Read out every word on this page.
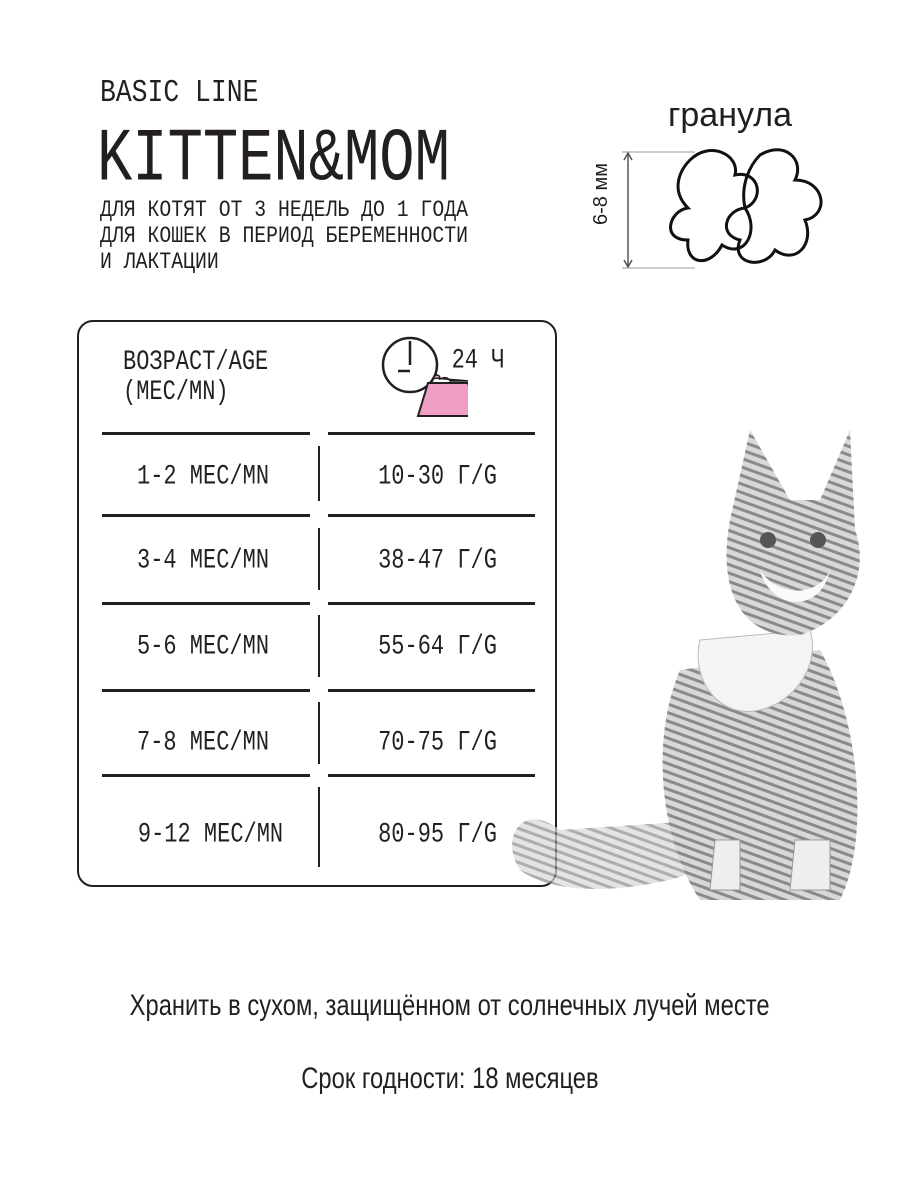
BASIC LINE
KITTEN&MOM
ДЛЯ КОТЯТ ОТ 3 НЕДЕЛЬ ДО 1 ГОДА
ДЛЯ КОШЕК В ПЕРИОД БЕРЕМЕННОСТИ
И ЛАКТАЦИИ
гранула
6-8 мм
ВОЗРАСТ/AGE
(МЕС/MN)
24 Ч
1-2 МЕС/MN	10-30 Г/G
3-4 МЕС/MN	38-47 Г/G
5-6 МЕС/MN	55-64 Г/G
7-8 МЕС/MN	70-75 Г/G
9-12 МЕС/MN	80-95 Г/G
Хранить в сухом, защищённом от солнечных лучей месте
Срок годности: 18 месяцев
